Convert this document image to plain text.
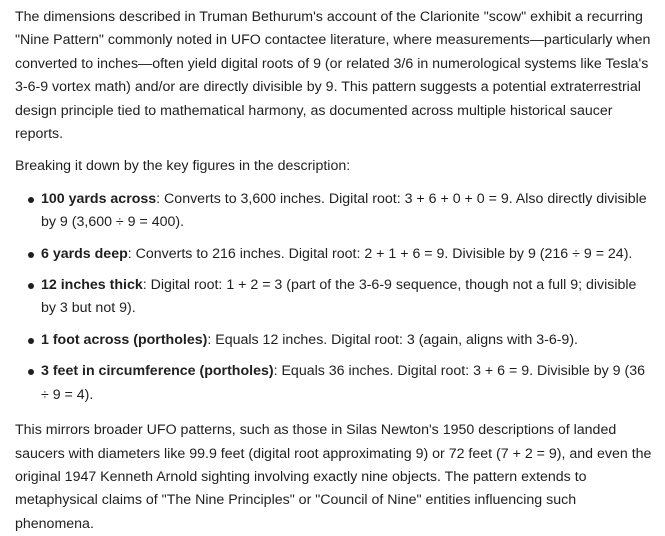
The dimensions described in Truman Bethurum's account of the Clarionite "scow" exhibit a recurring "Nine Pattern" commonly noted in UFO contactee literature, where measurements—particularly when converted to inches—often yield digital roots of 9 (or related 3/6 in numerological systems like Tesla's 3-6-9 vortex math) and/or are directly divisible by 9. This pattern suggests a potential extraterrestrial design principle tied to mathematical harmony, as documented across multiple historical saucer reports.

Breaking it down by the key figures in the description:

100 yards across: Converts to 3,600 inches. Digital root: 3 + 6 + 0 + 0 = 9. Also directly divisible by 9 (3,600 ÷ 9 = 400).
6 yards deep: Converts to 216 inches. Digital root: 2 + 1 + 6 = 9. Divisible by 9 (216 ÷ 9 = 24).
12 inches thick: Digital root: 1 + 2 = 3 (part of the 3-6-9 sequence, though not a full 9; divisible by 3 but not 9).
1 foot across (portholes): Equals 12 inches. Digital root: 3 (again, aligns with 3-6-9).
3 feet in circumference (portholes): Equals 36 inches. Digital root: 3 + 6 = 9. Divisible by 9 (36 ÷ 9 = 4).

This mirrors broader UFO patterns, such as those in Silas Newton's 1950 descriptions of landed saucers with diameters like 99.9 feet (digital root approximating 9) or 72 feet (7 + 2 = 9), and even the original 1947 Kenneth Arnold sighting involving exactly nine objects. The pattern extends to metaphysical claims of "The Nine Principles" or "Council of Nine" entities influencing such phenomena.
